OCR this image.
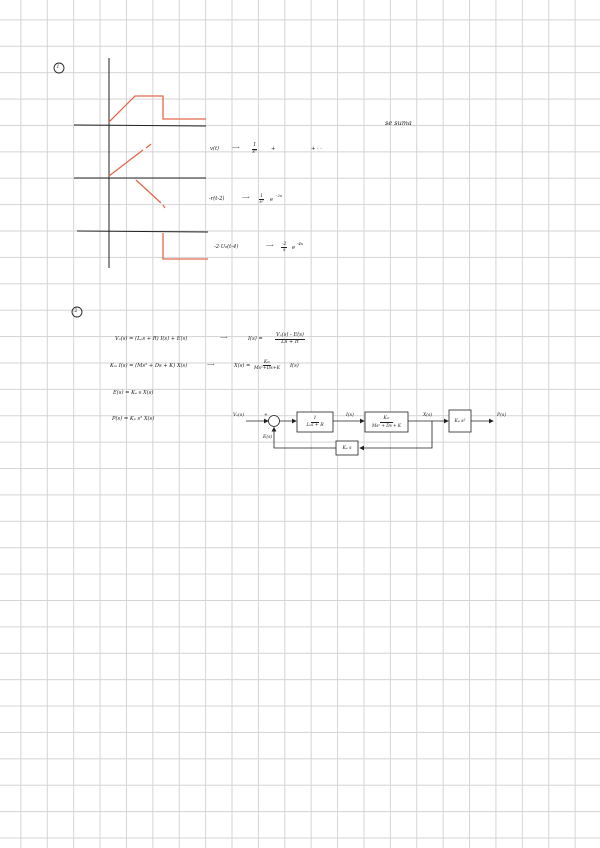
1
se suma
v(t) ⟶ $\frac{1}{\text{s²}}$	+	+ · ·
-r(t-2)	⟶ $\frac{1}{\text{s²}}$ e
-2s
-2·U₀(t-4)	⟶ $\frac{-2}{s}$ e
-4s
2
Vₐ(s) = (Lₐs + R) I(s) + E(s)	⟶	$I(s) = \frac{\text{Vₐ(s) - E(s)}}{Ls + R}$
Kₘ I(s) = (Ms² + Ds + K) X(s)	⟶	$X(s) = \frac{\text{Kₘ}}{\text{Ms²+Ds+K}} I(s)$
E(s) = Kₑ s X(s)
P(s) = Kₚ s² X(s)
Vₐ(s)	+
-
E(s)
1
Lₐs + R
$I(s) \frac{\text{Kₘ}}{\text{Ms² + Ds + K}}$	X(s)
Kₚ s²
P(s)
Kₑ s
